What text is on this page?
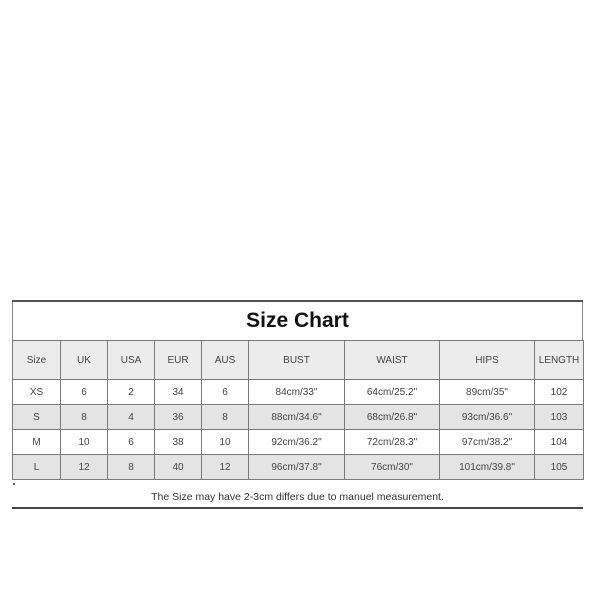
Size Chart
Size	UK	USA	EUR	AUS	BUST	WAIST	HIPS	LENGTH
XS	6	2	34	6	84cm/33"	64cm/25.2"	89cm/35"	102
S	8	4	36	8	88cm/34.6"	68cm/26.8"	93cm/36.6"	103
M	10	6	38	10	92cm/36.2"	72cm/28.3"	97cm/38.2"	104
L	12	8	40	12	96cm/37.8"	76cm/30"	101cm/39.8"	105
The Size may have 2-3cm differs due to manuel measurement.
